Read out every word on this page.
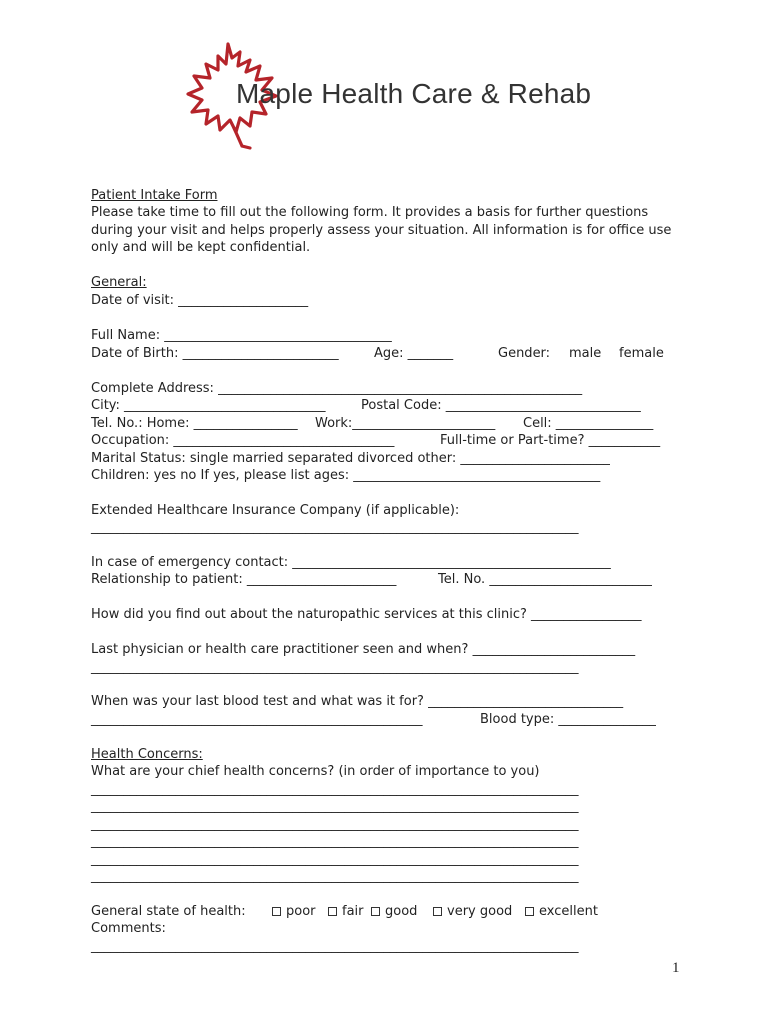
Maple Health Care & Rehab
Patient Intake Form
Please take time to fill out the following form. It provides a basis for further questions during your visit and helps properly assess your situation. All information is for office use only and will be kept confidential.
General:
Date of visit: ____________________
Full Name: ___________________________________
Date of Birth: ________________________	Age: _______	Gender: male female
Complete Address: ________________________________________________________
City: _______________________________	Postal Code: ______________________________
Tel. No.: Home: ________________ Work:______________________ Cell: _______________
Occupation: __________________________________	Full-time or Part-time? ___________
Marital Status: single married separated divorced other: _______________________
Children: yes no If yes, please list ages: ______________________________________
Extended Healthcare Insurance Company (if applicable):
___________________________________________________________________________
In case of emergency contact: _________________________________________________
Relationship to patient: _______________________	Tel. No. _________________________
How did you find out about the naturopathic services at this clinic? _________________
Last physician or health care practitioner seen and when? _________________________
___________________________________________________________________________
When was your last blood test and what was it for? ______________________________
___________________________________________________	Blood type: _______________
Health Concerns:
What are your chief health concerns? (in order of importance to you)
___________________________________________________________________________
___________________________________________________________________________
___________________________________________________________________________
___________________________________________________________________________
___________________________________________________________________________
___________________________________________________________________________
General state of health:	poor	fair	good	very good	excellent
Comments:
___________________________________________________________________________
1
